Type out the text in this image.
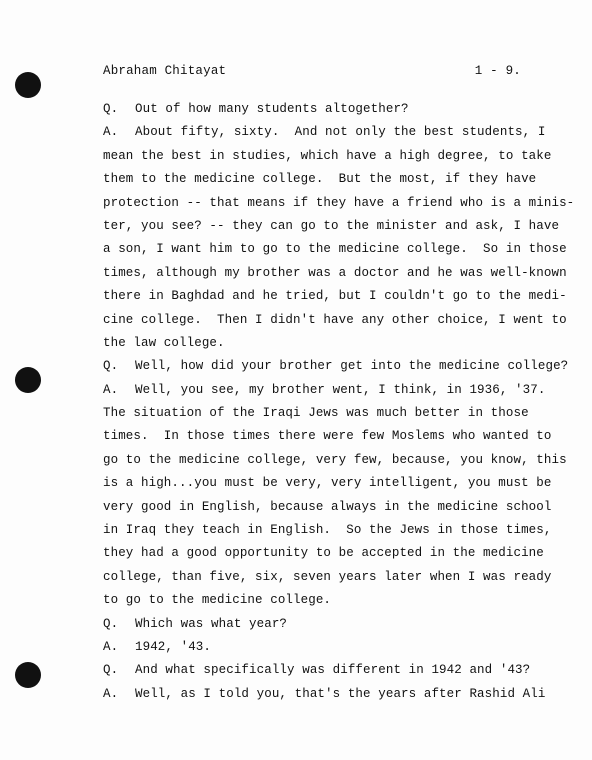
Abraham Chitayat	1 - 9.
Q. Out of how many students altogether?
A. About fifty, sixty.  And not only the best students, I
mean the best in studies, which have a high degree, to take
them to the medicine college.  But the most, if they have
protection -- that means if they have a friend who is a minis-
ter, you see? -- they can go to the minister and ask, I have
a son, I want him to go to the medicine college.  So in those
times, although my brother was a doctor and he was well-known
there in Baghdad and he tried, but I couldn't go to the medi-
cine college.  Then I didn't have any other choice, I went to
the law college.
Q. Well, how did your brother get into the medicine college?
A. Well, you see, my brother went, I think, in 1936, '37.
The situation of the Iraqi Jews was much better in those
times.  In those times there were few Moslems who wanted to
go to the medicine college, very few, because, you know, this
is a high...you must be very, very intelligent, you must be
very good in English, because always in the medicine school
in Iraq they teach in English.  So the Jews in those times,
they had a good opportunity to be accepted in the medicine
college, than five, six, seven years later when I was ready
to go to the medicine college.
Q. Which was what year?
A. 1942, '43.
Q. And what specifically was different in 1942 and '43?
A. Well, as I told you, that's the years after Rashid Ali
